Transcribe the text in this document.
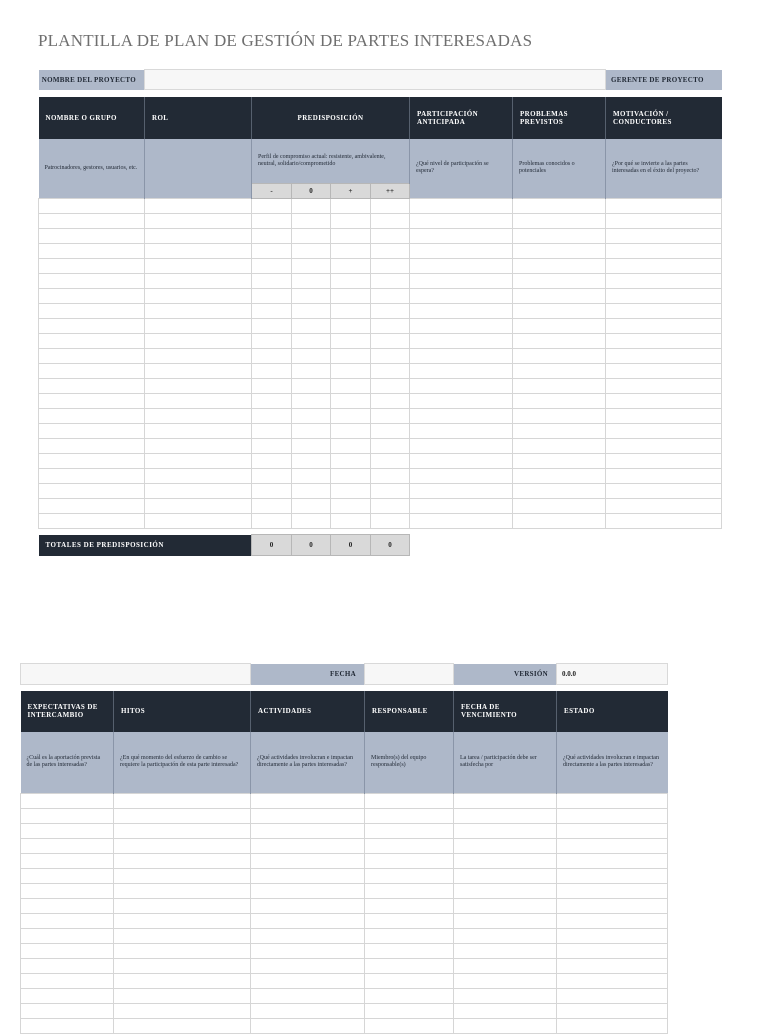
PLANTILLA DE PLAN DE GESTIÓN DE PARTES INTERESADAS
NOMBRE DEL PROYECTO								GERENTE DE PROYECTO

NOMBRE O GRUPO	ROL	PREDISPOSICIÓN				PARTICIPACIÓN ANTICIPADA	PROBLEMAS PREVISTOS	MOTIVACIÓN / CONDUCTORES
Patrocinadores, gestores, usuarios, etc.		Perfil de compromiso actual: resistente, ambivalente, neutral, solidario/comprometido				¿Qué nivel de participación se espera?	Problemas conocidos o potenciales	¿Por qué se invierte a las partes interesadas en el éxito del proyecto?
		-	0	+	++			

TOTALES DE PREDISPOSICIÓN		0	0	0	0			
		FECHA		VERSIÓN	0.0.0

EXPECTATIVAS DE INTERCAMBIO	HITOS	ACTIVIDADES	RESPONSABLE	FECHA DE VENCIMIENTO	ESTADO
¿Cuál es la aportación prevista de las partes interesadas?	¿En qué momento del esfuerzo de cambio se requiere la participación de esta parte interesada?	¿Qué actividades involucran e impactan directamente a las partes interesadas?	Miembro(s) del equipo responsable(s)	La tarea / participación debe ser satisfecha por	¿Qué actividades involucran e impactan directamente a las partes interesadas?
